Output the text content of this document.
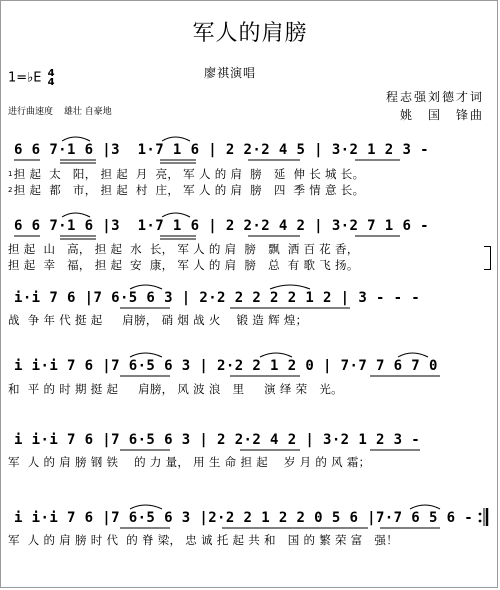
军人的肩膀
1=♭E 4
4
廖祺演唱
程志强刘德才词
姚　国　锋曲
进行曲速度 雄壮 自豪地
6 6 7·1 6 |3  1·7 1 6 | 2 2·2 4 5 | 3·2 1 2 3 -
1担 起  太   阳， 担 起  月  亮， 军 人 的 肩  膀   延  伸 长 城 长。
2担 起  都   市， 担 起  村  庄， 军 人 的 肩  膀   四  季 情 意 长。
6 6 7·1 6 |3  1·7 1 6 | 2 2·2 4 2 | 3·2 7 1 6 -
担 起  山   高， 担 起  水  长， 军 人 的 肩  膀   飘  洒 百 花 香，
担 起  幸   福， 担 起  安  康， 军 人 的 肩  膀   总  有 歌 飞 扬。
i·i 7 6 |7 6·5 6 3 | 2·2 2 2 2 2 1 2 | 3 - - -
战  争 年 代 挺 起     肩膀， 硝 烟 战 火    锻 造 辉 煌；
i i·i 7 6 |7 6·5 6 3 | 2·2 2 1 2 0 | 7·7 7 6 7 0
和  平 的 时 期 挺 起     肩膀， 风 波 浪   里     演 绎 荣   光。
i i·i 7 6 |7 6·5 6 3 | 2 2·2 4 2 | 3·2 1 2 3 -
军  人 的 肩 膀 钢 铁    的 力 量， 用 生 命 担 起    岁 月 的 风 霜；
i i·i 7 6 |7 6·5 6 3 |2·2 2 1 2 2 0 5 6 |7·7 6 5 6 -
军  人 的 肩 膀 时 代  的 脊 梁， 忠 诚 托 起 共 和   国 的 繁 荣 富   强！
